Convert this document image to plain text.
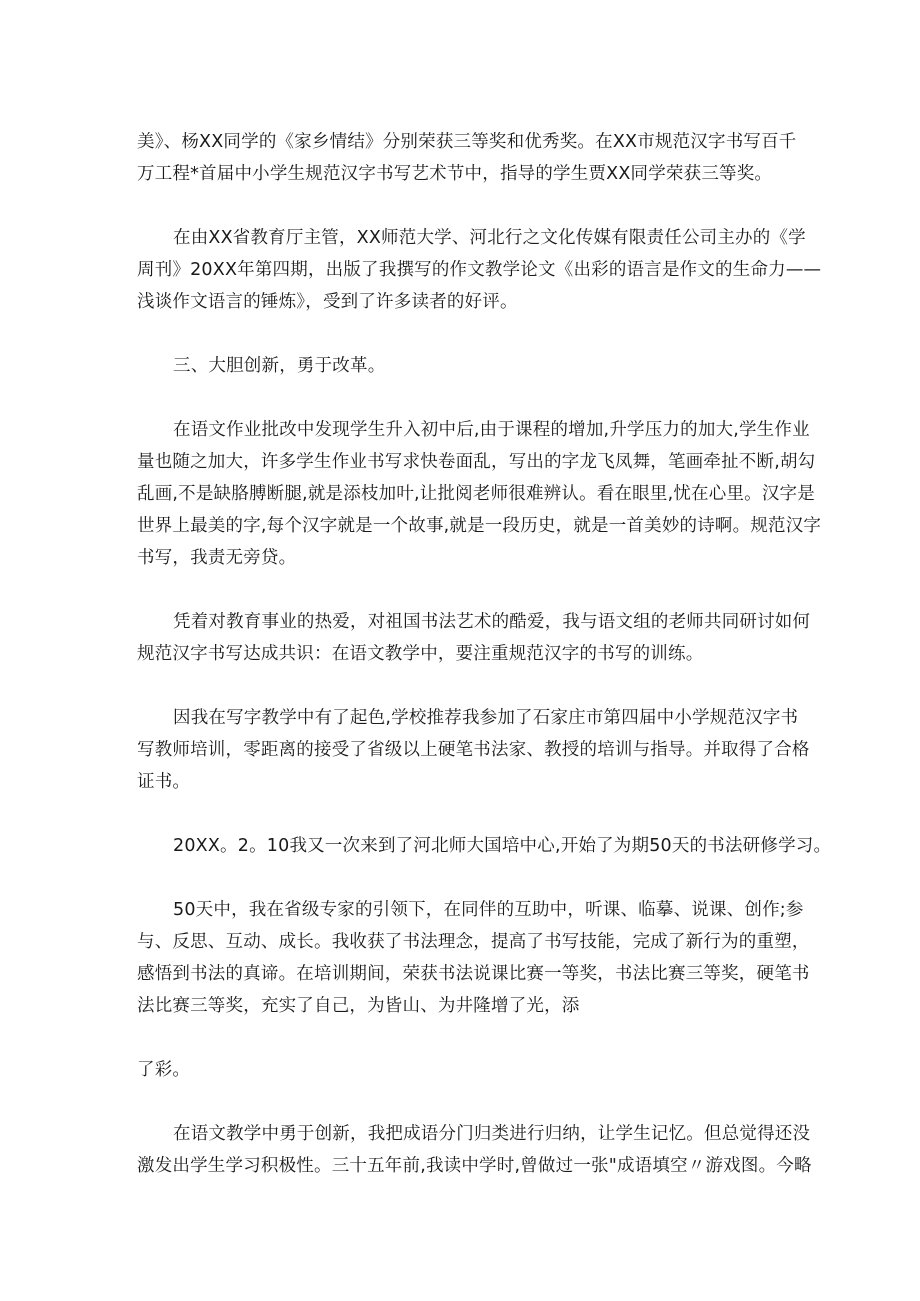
美》、杨XX同学的《家乡情结》分别荣获三等奖和优秀奖。在XX市规范汉字书写百千
万工程*首届中小学生规范汉字书写艺术节中，指导的学生贾XX同学荣获三等奖。
在由XX省教育厅主管，XX师范大学、河北行之文化传媒有限责任公司主办的《学
周刊》20XX年第四期，出版了我撰写的作文教学论文《出彩的语言是作文的生命力——
浅谈作文语言的锤炼》，受到了许多读者的好评。
三、大胆创新，勇于改革。
在语文作业批改中发现学生升入初中后,由于课程的增加,升学压力的加大,学生作业
量也随之加大，许多学生作业书写求快卷面乱，写出的字龙飞凤舞，笔画牵扯不断,胡勾
乱画,不是缺胳膊断腿,就是添枝加叶,让批阅老师很难辨认。看在眼里,忧在心里。汉字是
世界上最美的字,每个汉字就是一个故事,就是一段历史，就是一首美妙的诗啊。规范汉字
书写，我责无旁贷。
凭着对教育事业的热爱，对祖国书法艺术的酷爱，我与语文组的老师共同研讨如何
规范汉字书写达成共识：在语文教学中，要注重规范汉字的书写的训练。
因我在写字教学中有了起色,学校推荐我参加了石家庄市第四届中小学规范汉字书
写教师培训，零距离的接受了省级以上硬笔书法家、教授的培训与指导。并取得了合格
证书。
20XX。2。10我又一次来到了河北师大国培中心,开始了为期50天的书法研修学习。
50天中，我在省级专家的引领下，在同伴的互助中，听课、临摹、说课、创作;参
与、反思、互动、成长。我收获了书法理念，提高了书写技能，完成了新行为的重塑，
感悟到书法的真谛。在培训期间，荣获书法说课比赛一等奖，书法比赛三等奖，硬笔书
法比赛三等奖，充实了自己，为皆山、为井隆增了光，添
了彩。
在语文教学中勇于创新，我把成语分门归类进行归纳，让学生记忆。但总觉得还没
激发出学生学习积极性。三十五年前,我读中学时,曾做过一张"成语填空〃游戏图。今略
